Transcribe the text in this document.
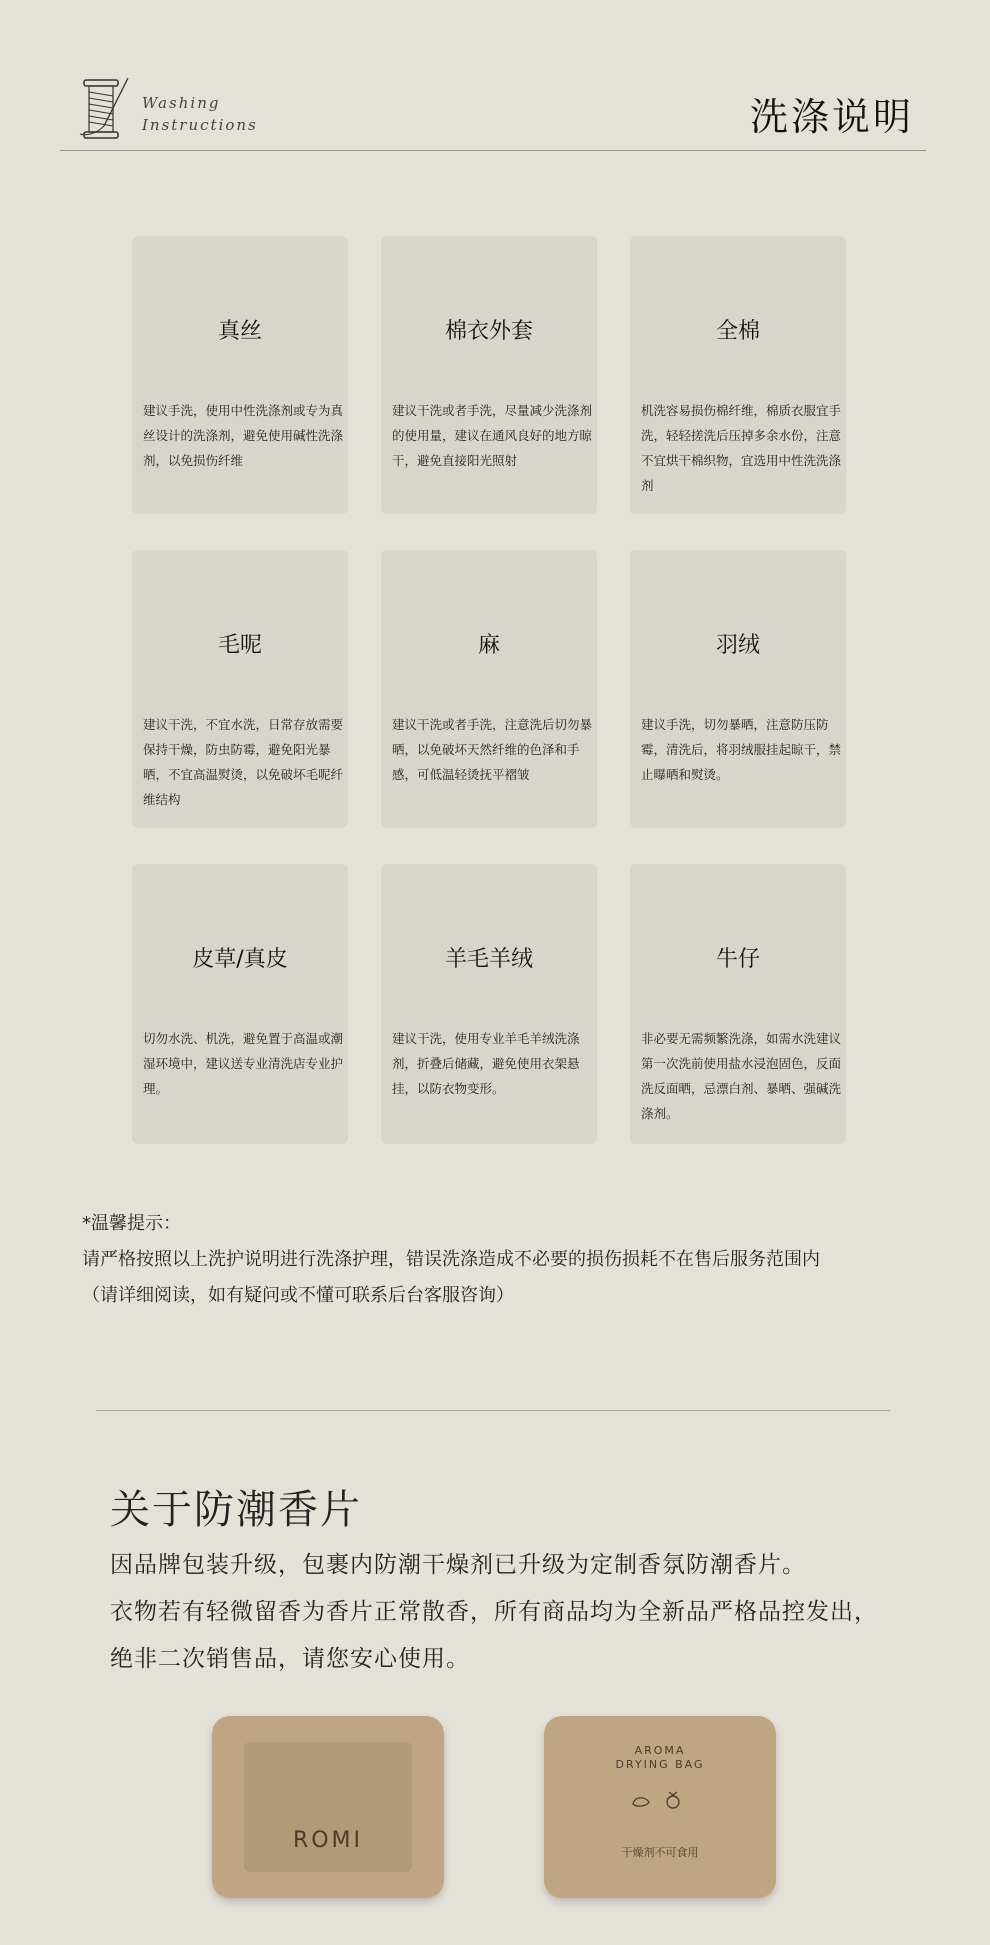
Washing
Instructions	洗涤说明
真丝
建议手洗，使用中性洗涤剂或专为真丝设计的洗涤剂，避免使用碱性洗涤剂，以免损伤纤维
棉衣外套
建议干洗或者手洗，尽量减少洗涤剂的使用量，建议在通风良好的地方晾干，避免直接阳光照射
全棉
机洗容易损伤棉纤维，棉质衣服宜手洗，轻轻搓洗后压掉多余水份，注意不宜烘干棉织物，宜选用中性洗洗涤剂
毛呢
建议干洗，不宜水洗，日常存放需要保持干燥，防虫防霉，避免阳光暴晒，不宜高温熨烫，以免破坏毛呢纤维结构
麻
建议干洗或者手洗，注意洗后切勿暴晒，以免破坏天然纤维的色泽和手感，可低温轻烫抚平褶皱
羽绒
建议手洗，切勿暴晒，注意防压防霉，清洗后，将羽绒服挂起晾干，禁止曝晒和熨烫。
皮草/真皮
切勿水洗、机洗，避免置于高温或潮湿环境中，建议送专业清洗店专业护理。
羊毛羊绒
建议干洗，使用专业羊毛羊绒洗涤剂，折叠后储藏，避免使用衣架悬挂，以防衣物变形。
牛仔
非必要无需频繁洗涤，如需水洗建议第一次洗前使用盐水浸泡固色，反面洗反面晒，忌漂白剂、暴晒、强碱洗涤剂。
*温馨提示：
请严格按照以上洗护说明进行洗涤护理，错误洗涤造成不必要的损伤损耗不在售后服务范围内
（请详细阅读，如有疑问或不懂可联系后台客服咨询）
关于防潮香片
因品牌包装升级，包裹内防潮干燥剂已升级为定制香氛防潮香片。
衣物若有轻微留香为香片正常散香，所有商品均为全新品严格品控发出，
绝非二次销售品，请您安心使用。
ROMI
AROMA
DRYING BAG
干燥剂不可食用
